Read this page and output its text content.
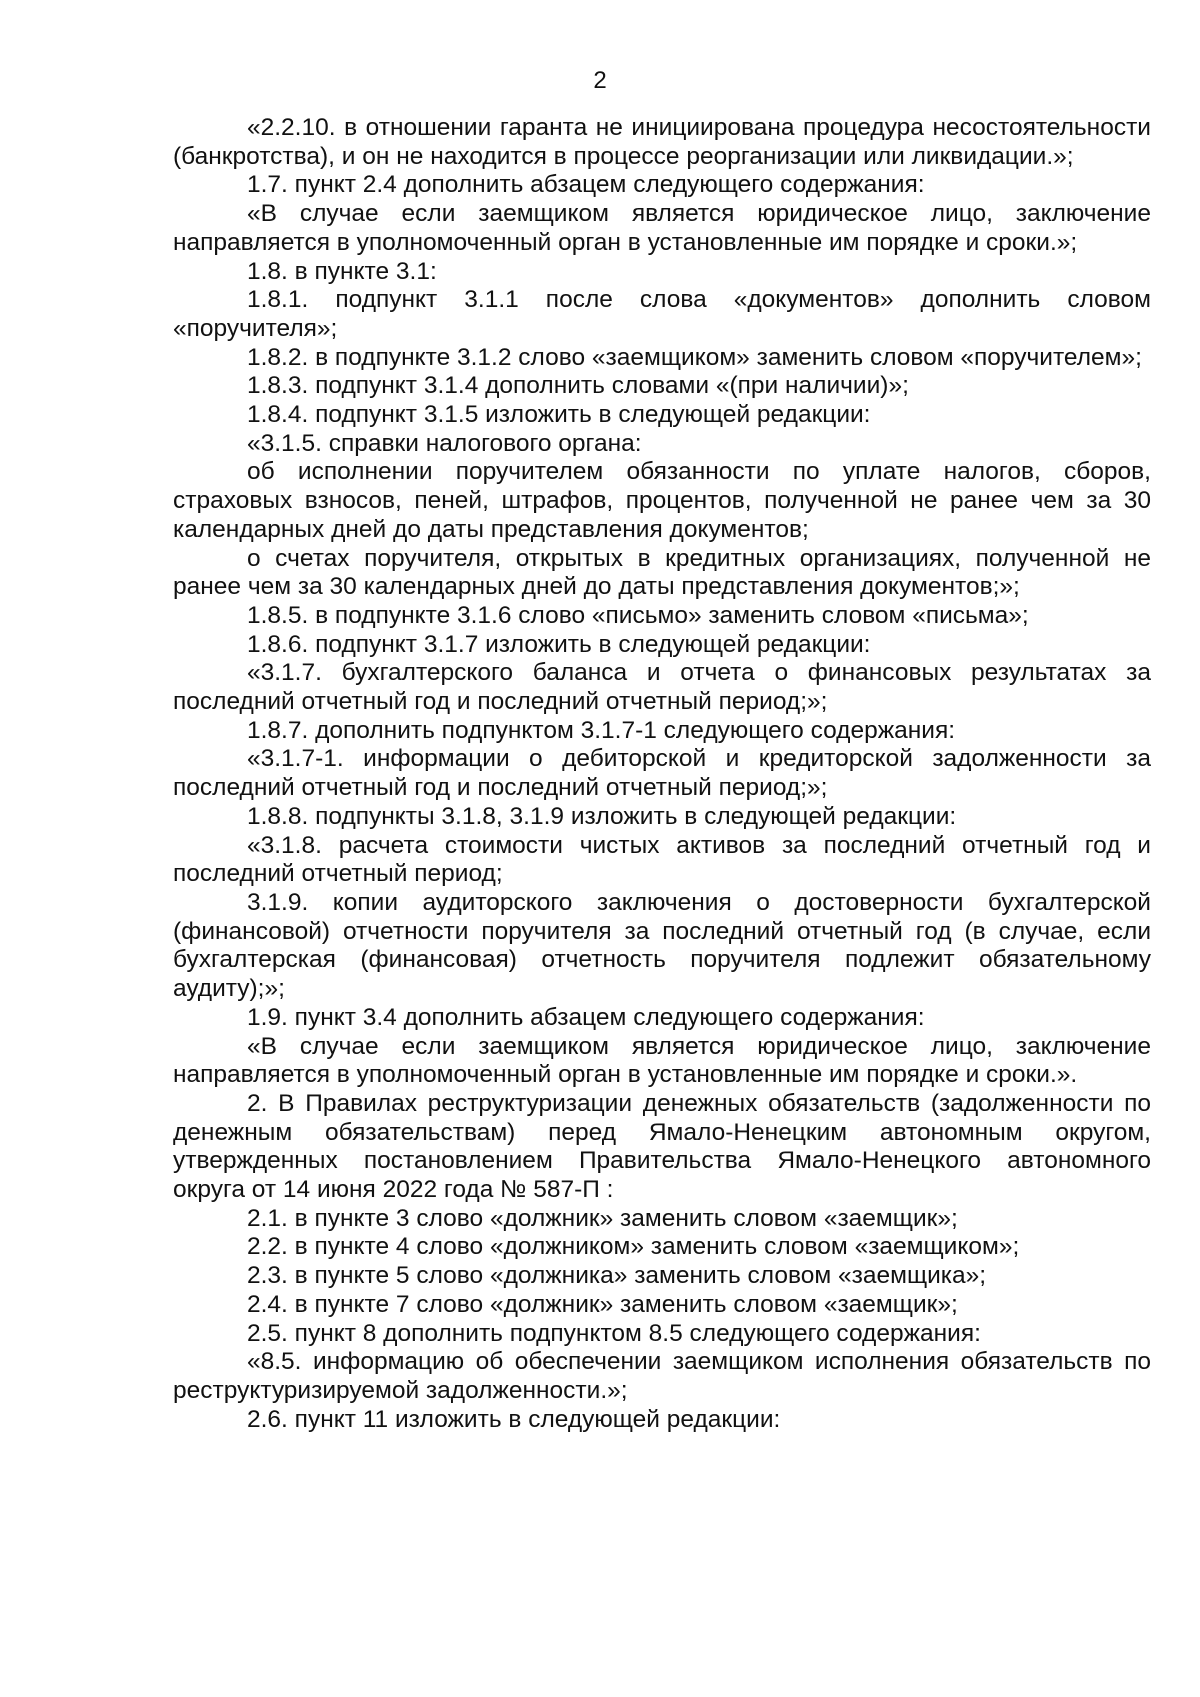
2

«2.2.10. в отношении гаранта не инициирована процедура несостоятельности (банкротства), и он не находится в процессе реорганизации или ликвидации.»;

1.7. пункт 2.4 дополнить абзацем следующего содержания:

«В случае если заемщиком является юридическое лицо, заключение направляется в уполномоченный орган в установленные им порядке и сроки.»;

1.8. в пункте 3.1:

1.8.1. подпункт 3.1.1 после слова «документов» дополнить словом «поручителя»;

1.8.2. в подпункте 3.1.2 слово «заемщиком» заменить словом «поручителем»;

1.8.3. подпункт 3.1.4 дополнить словами «(при наличии)»;

1.8.4. подпункт 3.1.5 изложить в следующей редакции:

«3.1.5. справки налогового органа:

об исполнении поручителем обязанности по уплате налогов, сборов, страховых взносов, пеней, штрафов, процентов, полученной не ранее чем за 30 календарных дней до даты представления документов;

о счетах поручителя, открытых в кредитных организациях, полученной не ранее чем за 30 календарных дней до даты представления документов;»;

1.8.5. в подпункте 3.1.6 слово «письмо» заменить словом «письма»;

1.8.6. подпункт 3.1.7 изложить в следующей редакции:

«3.1.7. бухгалтерского баланса и отчета о финансовых результатах за последний отчетный год и последний отчетный период;»;

1.8.7. дополнить подпунктом 3.1.7-1 следующего содержания:

«3.1.7-1. информации о дебиторской и кредиторской задолженности за последний отчетный год и последний отчетный период;»;

1.8.8. подпункты 3.1.8, 3.1.9 изложить в следующей редакции:

«3.1.8. расчета стоимости чистых активов за последний отчетный год и последний отчетный период;

3.1.9. копии аудиторского заключения о достоверности бухгалтерской (финансовой) отчетности поручителя за последний отчетный год (в случае, если бухгалтерская (финансовая) отчетность поручителя подлежит обязательному аудиту);»;

1.9. пункт 3.4 дополнить абзацем следующего содержания:

«В случае если заемщиком является юридическое лицо, заключение направляется в уполномоченный орган в установленные им порядке и сроки.».

2. В Правилах реструктуризации денежных обязательств (задолженности по денежным обязательствам) перед Ямало-Ненецким автономным округом, утвержденных постановлением Правительства Ямало-Ненецкого автономного округа от 14 июня 2022 года № 587-П :

2.1. в пункте 3 слово «должник» заменить словом «заемщик»;

2.2. в пункте 4 слово «должником» заменить словом «заемщиком»;

2.3. в пункте 5 слово «должника» заменить словом «заемщика»;

2.4. в пункте 7 слово «должник» заменить словом «заемщик»;

2.5. пункт 8 дополнить подпунктом 8.5 следующего содержания:

«8.5. информацию об обеспечении заемщиком исполнения обязательств по реструктуризируемой задолженности.»;

2.6. пункт 11 изложить в следующей редакции:
